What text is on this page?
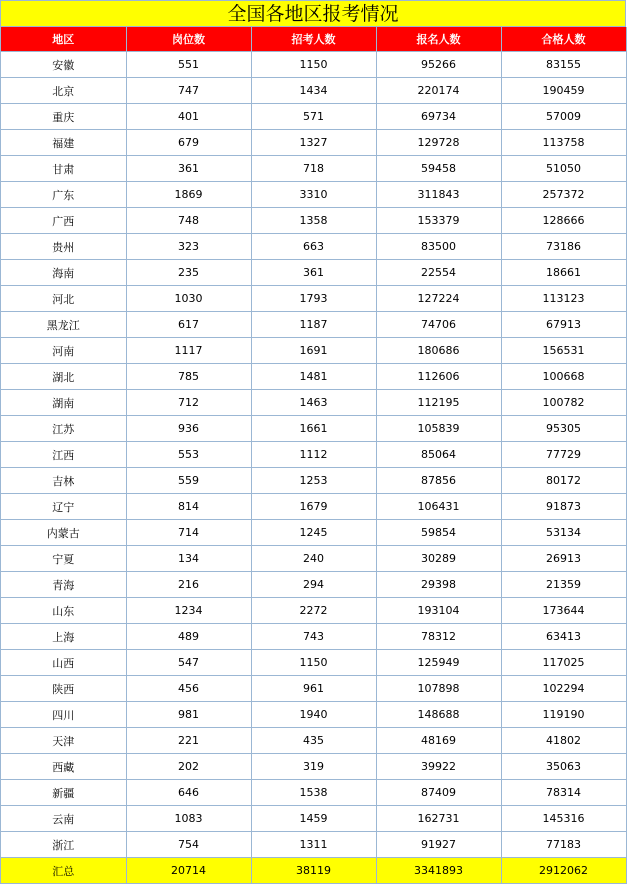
全国各地区报考情况
地区	岗位数	招考人数	报名人数	合格人数
安徽	551	1150	95266	83155
北京	747	1434	220174	190459
重庆	401	571	69734	57009
福建	679	1327	129728	113758
甘肃	361	718	59458	51050
广东	1869	3310	311843	257372
广西	748	1358	153379	128666
贵州	323	663	83500	73186
海南	235	361	22554	18661
河北	1030	1793	127224	113123
黑龙江	617	1187	74706	67913
河南	1117	1691	180686	156531
湖北	785	1481	112606	100668
湖南	712	1463	112195	100782
江苏	936	1661	105839	95305
江西	553	1112	85064	77729
吉林	559	1253	87856	80172
辽宁	814	1679	106431	91873
内蒙古	714	1245	59854	53134
宁夏	134	240	30289	26913
青海	216	294	29398	21359
山东	1234	2272	193104	173644
上海	489	743	78312	63413
山西	547	1150	125949	117025
陕西	456	961	107898	102294
四川	981	1940	148688	119190
天津	221	435	48169	41802
西藏	202	319	39922	35063
新疆	646	1538	87409	78314
云南	1083	1459	162731	145316
浙江	754	1311	91927	77183
汇总	20714	38119	3341893	2912062
